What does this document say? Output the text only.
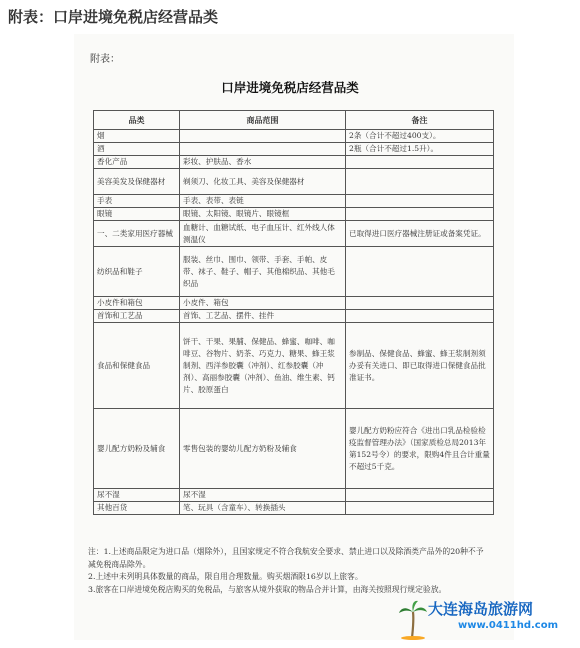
附表：口岸进境免税店经营品类
附表：
口岸进境免税店经营品类
品类	商品范围	备注
烟		2条（合计不超过400支）。
酒		2瓶（合计不超过1.5升）。
香化产品	彩妆、护肤品、香水	
美容美发及保健器材	剃须刀、化妆工具、美容及保健器材	
手表	手表、表带、表链	
眼镜	眼镜、太阳镜、眼镜片、眼镜框	
一、二类家用医疗器械	血糖计、血糖试纸、电子血压计、红外线人体测温仪	已取得进口医疗器械注册证或备案凭证。
纺织品和鞋子	服装、丝巾、围巾、领带、手套、手帕、皮带、袜子、鞋子、帽子、其他棉织品、其他毛织品	
小皮件和箱包	小皮件、箱包	
首饰和工艺品	首饰、工艺品、摆件、挂件	
食品和保健食品	饼干、干果、果脯、保健品、蜂蜜、咖啡、咖啡豆、谷物片、奶茶、巧克力、糖果、蜂王浆制剂、西洋参胶囊（冲剂）、红参胶囊（冲剂）、高丽参胶囊（冲剂）、鱼油、维生素、钙片、胶原蛋白	参制品、保健食品、蜂蜜、蜂王浆制剂须办妥有关进口、即已取得进口保健食品批准证书。
婴儿配方奶粉及辅食	零售包装的婴幼儿配方奶粉及辅食	婴儿配方奶粉应符合《进出口乳品检验检疫监督管理办法》（国家质检总局2013年第152号令）的要求，限购4件且合计重量不超过5千克。
尿不湿	尿不湿	
其他百货	笔、玩具（含童车）、转换插头	

注：1.上述商品限定为进口品（烟除外），且国家规定不符合我航安全要求、禁止进口以及除酒类产品外的20种不予减免税商品除外。

2.上述中未列明具体数量的商品，限自用合理数量。购买烟酒限16岁以上旅客。

3.旅客在口岸进境免税店购买的免税品，与旅客从境外获取的物品合并计算，由海关按照现行规定验放。

大连海岛旅游网
www.0411hd.com
